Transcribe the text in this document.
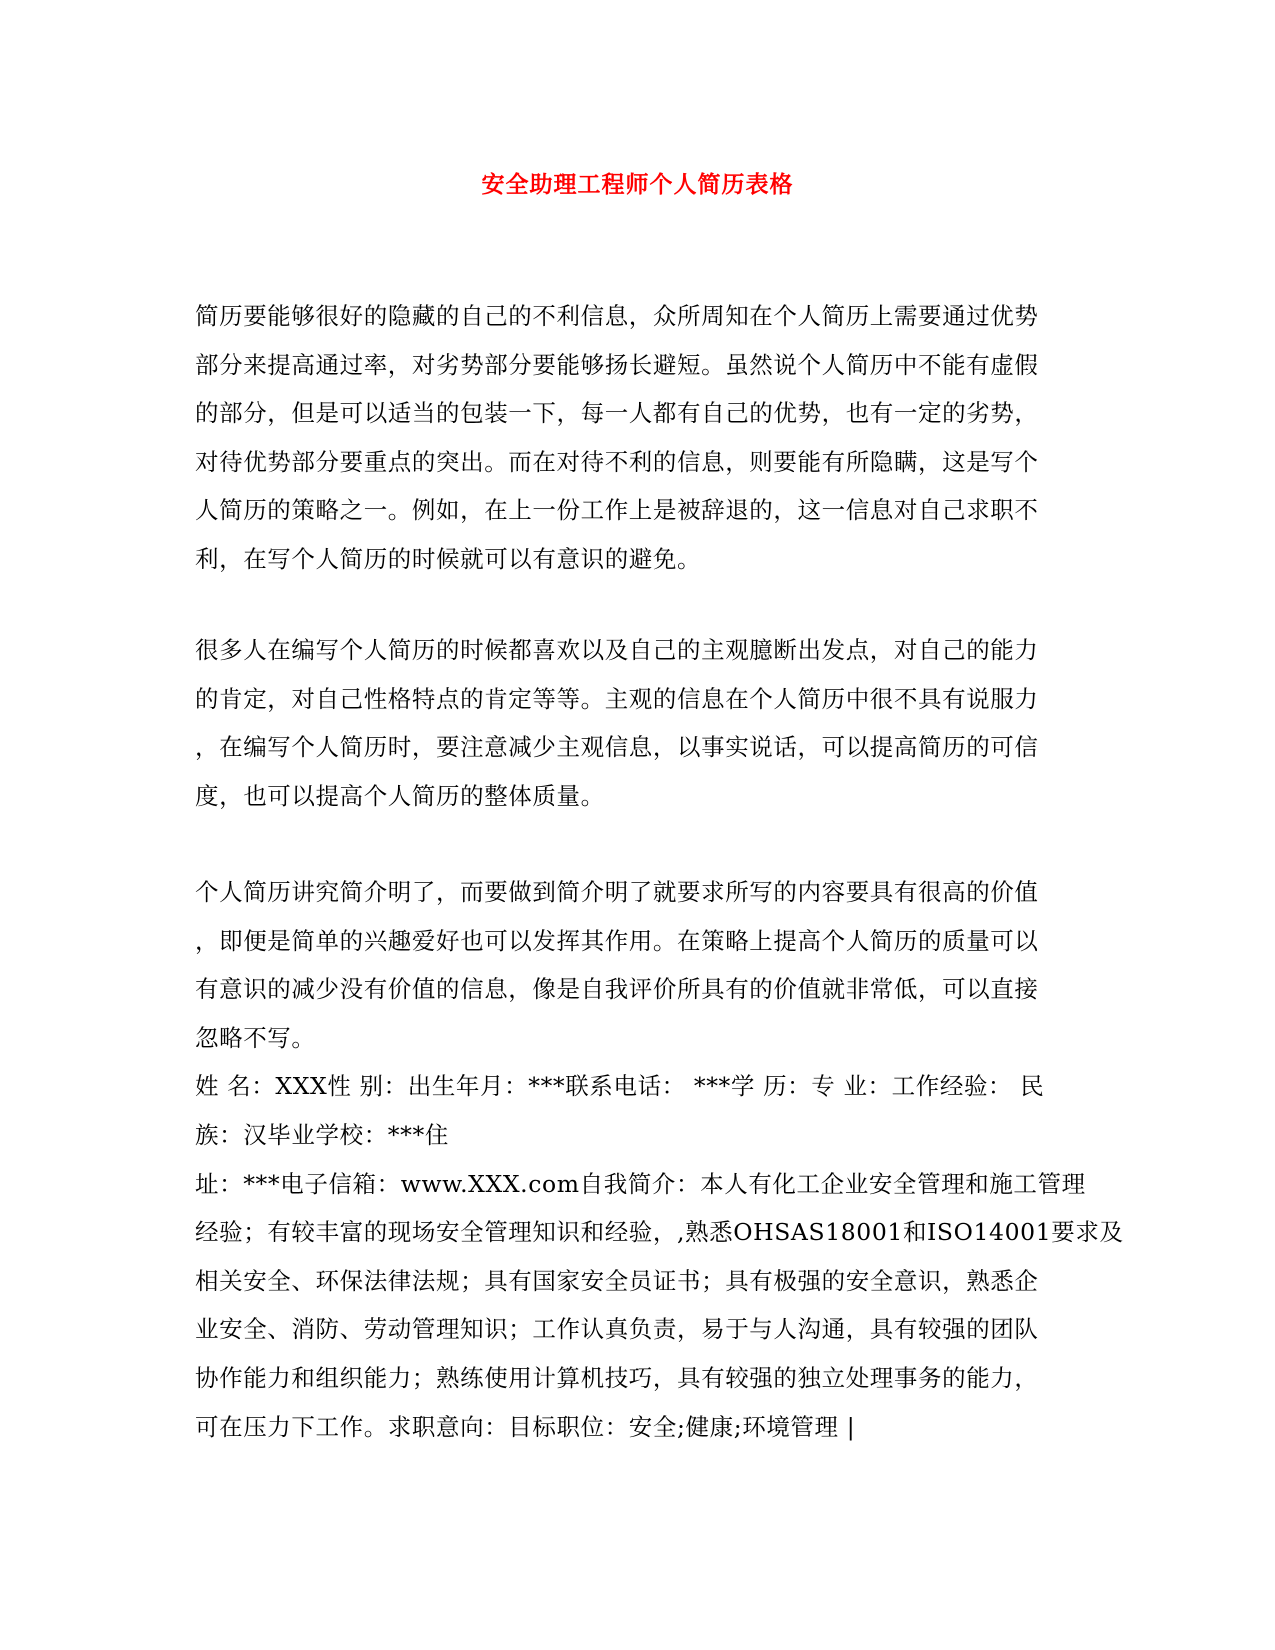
安全助理工程师个人简历表格
简历要能够很好的隐藏的自己的不利信息，众所周知在个人简历上需要通过优势
部分来提高通过率，对劣势部分要能够扬长避短。虽然说个人简历中不能有虚假
的部分，但是可以适当的包装一下，每一人都有自己的优势，也有一定的劣势，
对待优势部分要重点的突出。而在对待不利的信息，则要能有所隐瞒，这是写个
人简历的策略之一。例如，在上一份工作上是被辞退的，这一信息对自己求职不
利，在写个人简历的时候就可以有意识的避免。
很多人在编写个人简历的时候都喜欢以及自己的主观臆断出发点，对自己的能力
的肯定，对自己性格特点的肯定等等。主观的信息在个人简历中很不具有说服力
，在编写个人简历时，要注意减少主观信息，以事实说话，可以提高简历的可信
度，也可以提高个人简历的整体质量。
个人简历讲究简介明了，而要做到简介明了就要求所写的内容要具有很高的价值
，即便是简单的兴趣爱好也可以发挥其作用。在策略上提高个人简历的质量可以
有意识的减少没有价值的信息，像是自我评价所具有的价值就非常低，可以直接
忽略不写。
姓 名：XXX性 别：出生年月：***联系电话： ***学 历：专 业：工作经验： 民
族：汉毕业学校：***住
址：***电子信箱：www.XXX.com自我简介：本人有化工企业安全管理和施工管理
经验；有较丰富的现场安全管理知识和经验，,熟悉OHSAS18001和ISO14001要求及
相关安全、环保法律法规；具有国家安全员证书；具有极强的安全意识，熟悉企
业安全、消防、劳动管理知识；工作认真负责，易于与人沟通，具有较强的团队
协作能力和组织能力；熟练使用计算机技巧，具有较强的独立处理事务的能力，
可在压力下工作。求职意向：目标职位：安全;健康;环境管理 |
